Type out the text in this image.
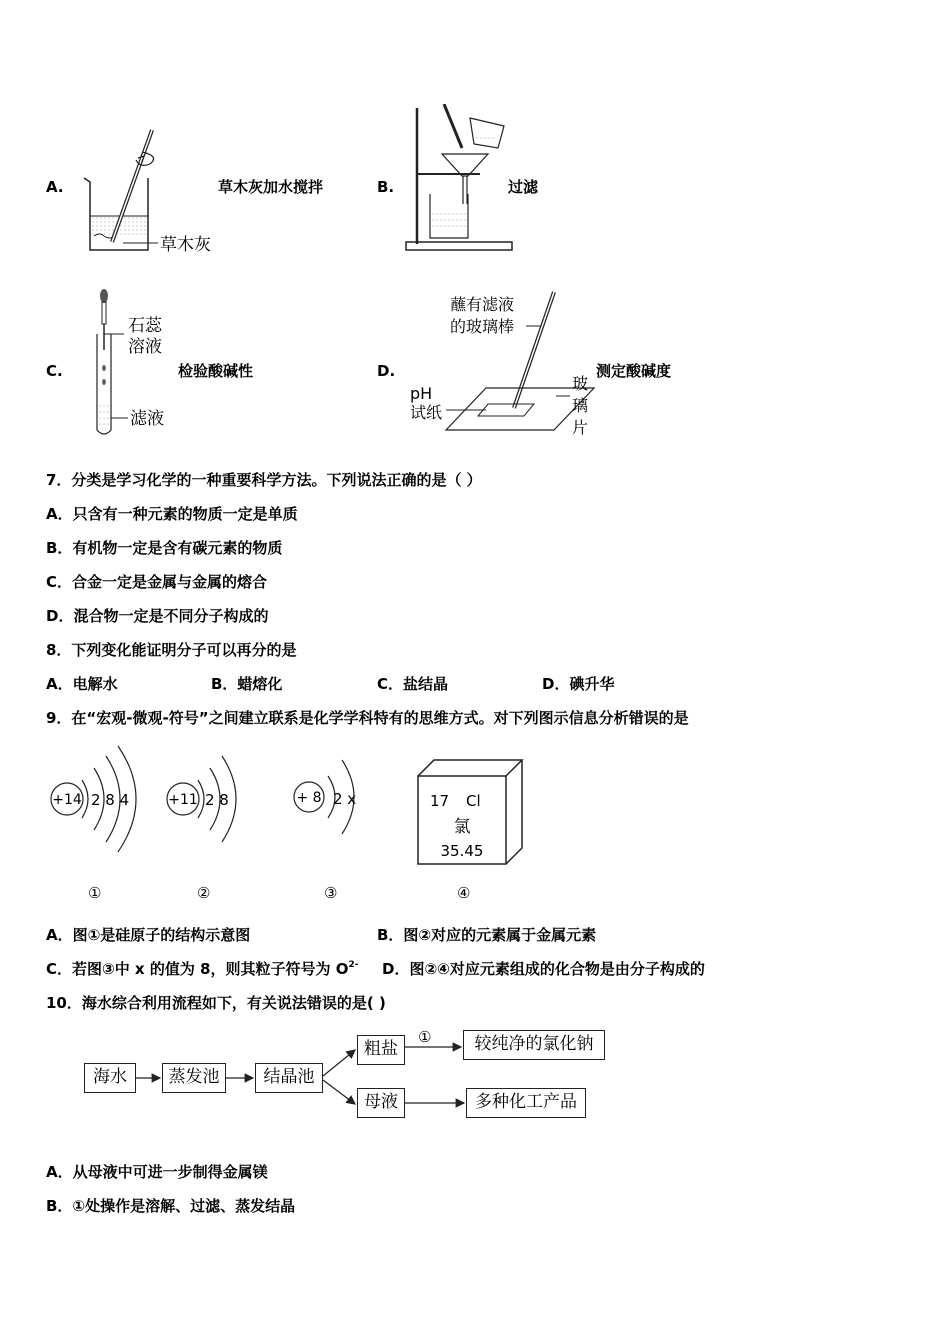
A.	草木灰加水搅拌	B.	过滤
C.	检验酸碱性	D.	测定酸碱度
草木灰
石蕊
溶液
滤液
蘸有滤液
的玻璃棒
pH
试纸
玻
璃
片
7．分类是学习化学的一种重要科学方法。下列说法正确的是（ ）
A．只含有一种元素的物质一定是单质
B．有机物一定是含有碳元素的物质
C．合金一定是金属与金属的熔合
D．混合物一定是不同分子构成的
8．下列变化能证明分子可以再分的是
A．电解水	B．蜡熔化	C．盐结晶	D．碘升华
9．在“宏观-微观-符号”之间建立联系是化学学科特有的思维方式。对下列图示信息分析错误的是
+14 2 8 4
①
+11 2 8
②
+ 8 2 x
③
17 Cl
氯
35.45
④
A．图①是硅原子的结构示意图	B．图②对应的元素属于金属元素
C．若图③中 x 的值为 8，则其粒子符号为 $O^{2-}$ D．图②④对应元素组成的化合物是由分子构成的
10．海水综合利用流程如下，有关说法错误的是( )
海水	蒸发池	结晶池
粗盐	较纯净的氯化钠
母液	多种化工产品
①
A．从母液中可进一步制得金属镁
B．①处操作是溶解、过滤、蒸发结晶
